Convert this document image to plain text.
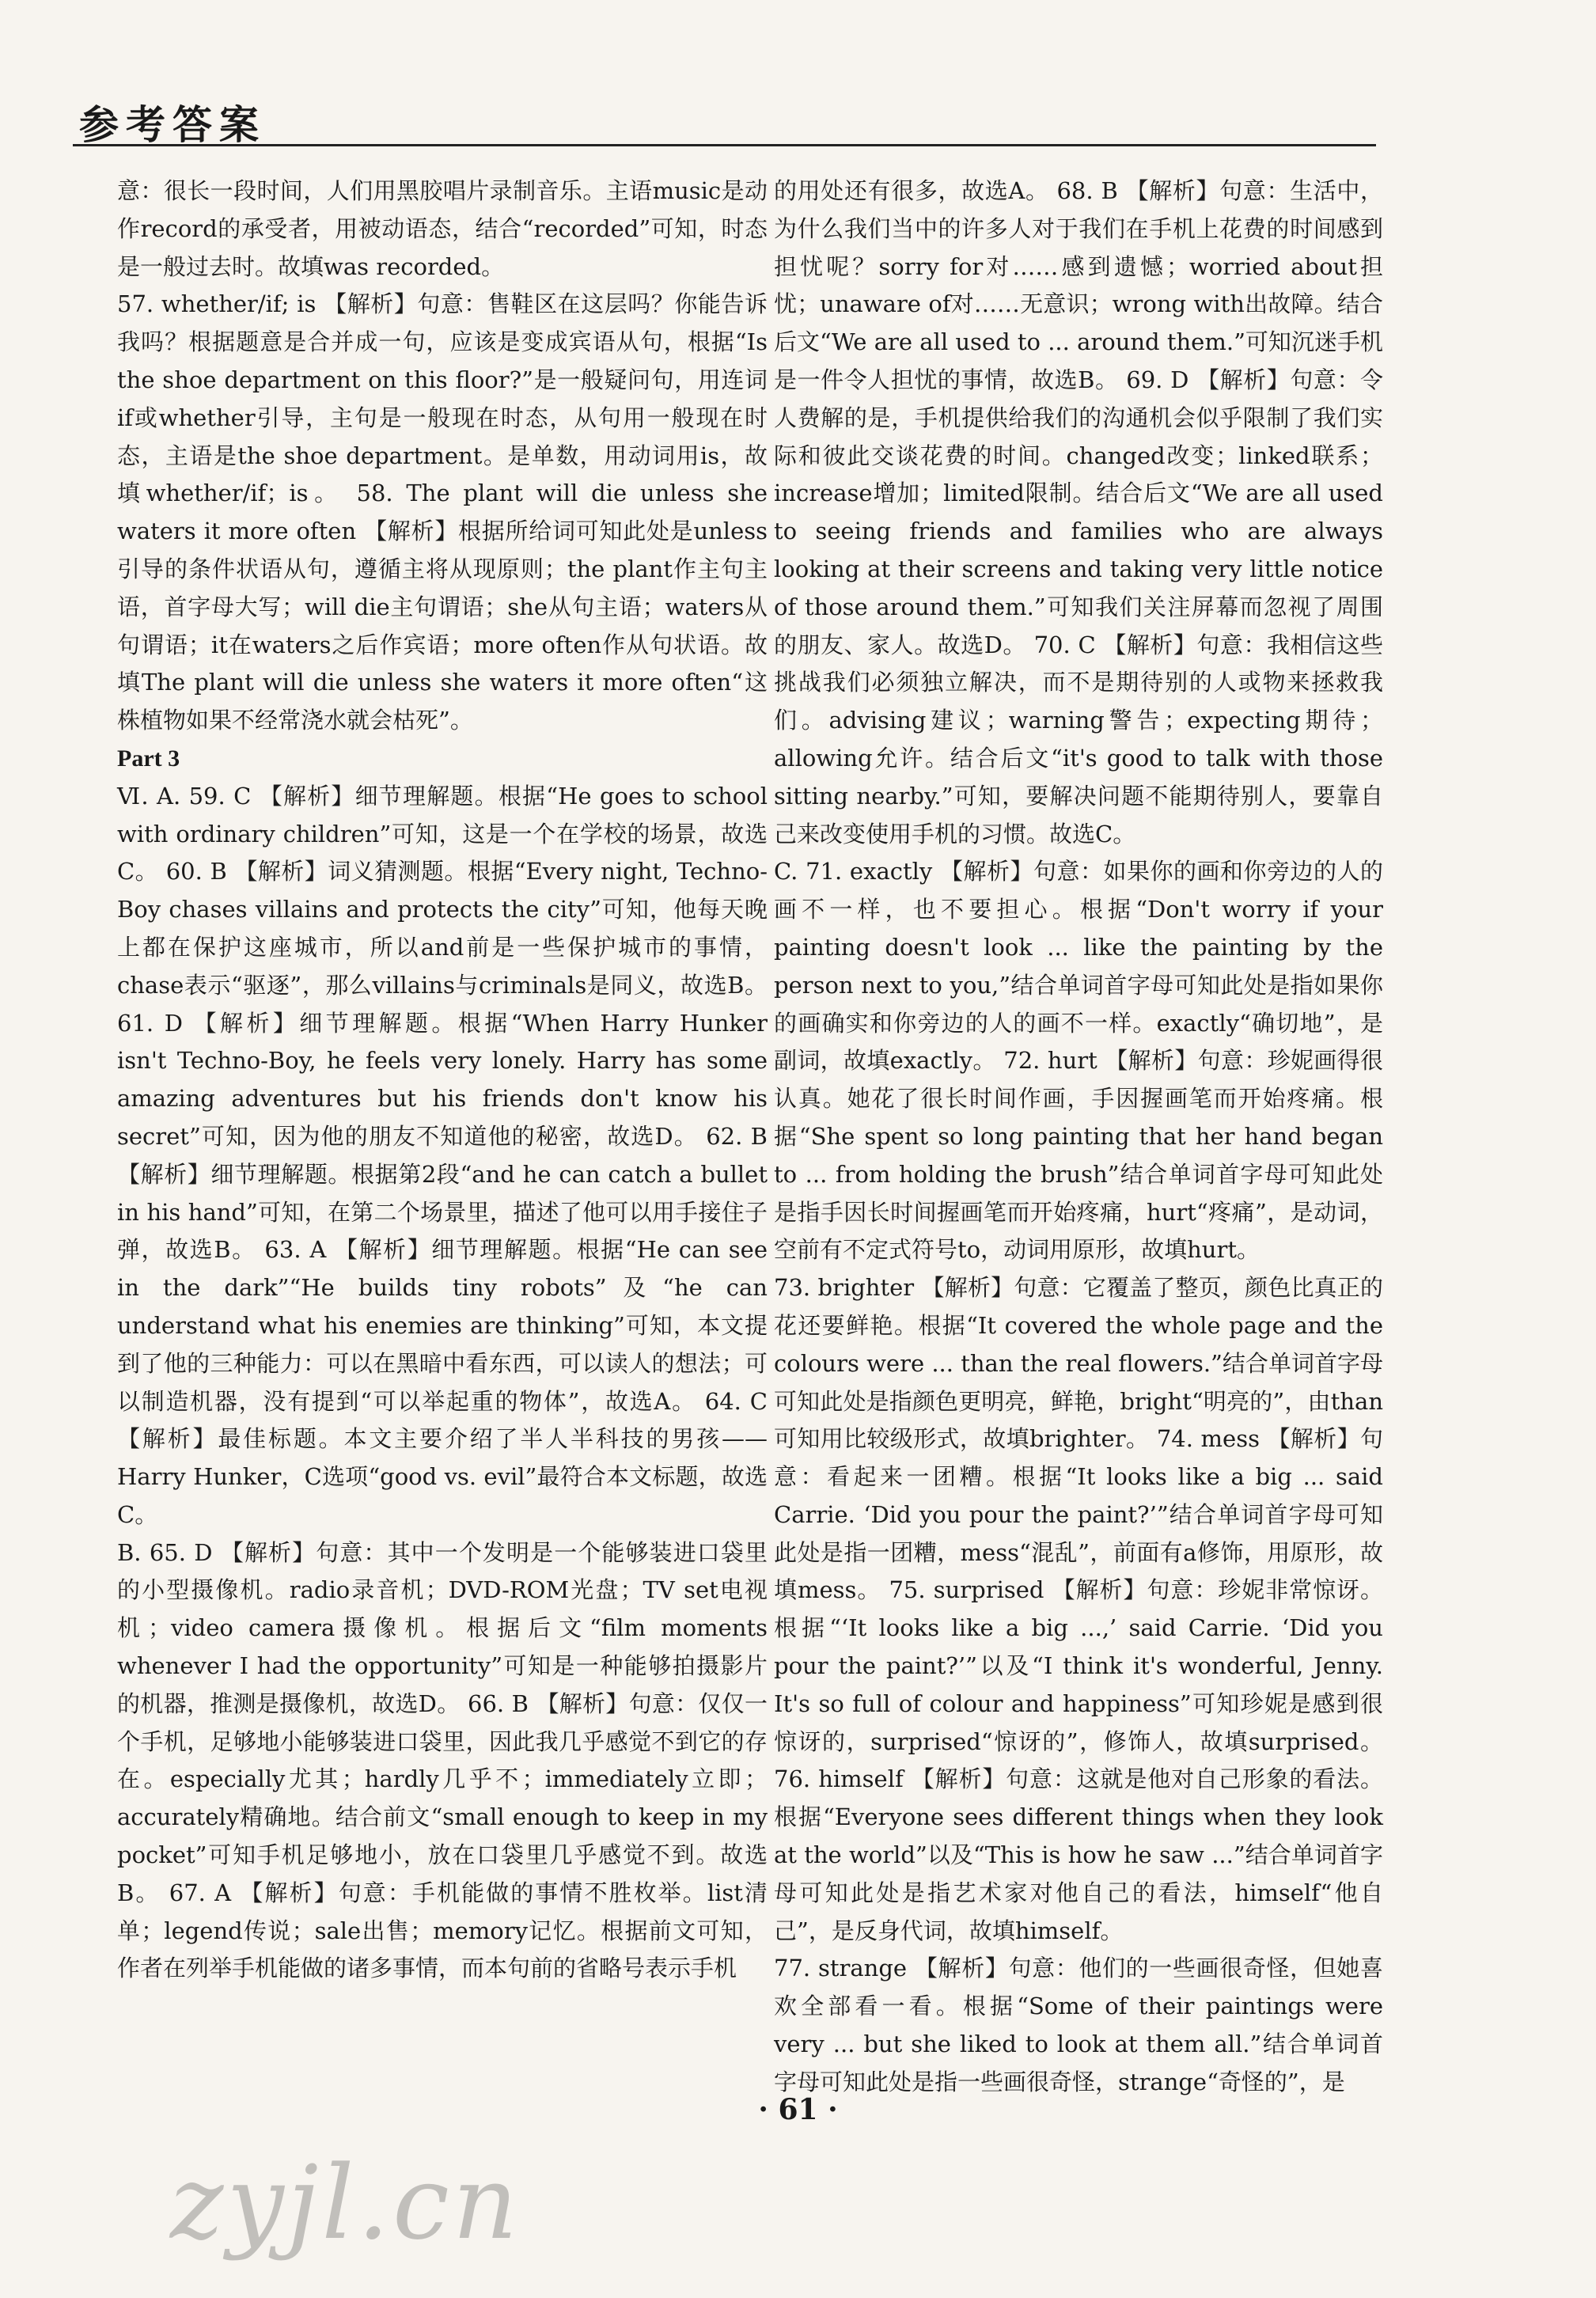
参考答案

意：很长一段时间，人们用黑胶唱片录制音乐。主语music是动作record的承受者，用被动语态，结合“recorded”可知，时态是一般过去时。故填was recorded。

57. whether/if; is 【解析】句意：售鞋区在这层吗？你能告诉我吗？根据题意是合并成一句，应该是变成宾语从句，根据“Is the shoe department on this floor?”是一般疑问句，用连词if或whether引导，主句是一般现在时态，从句用一般现在时态，主语是the shoe department。是单数，用动词用is，故填whether/if；is。 58. The plant will die unless she waters it more often 【解析】根据所给词可知此处是unless引导的条件状语从句，遵循主将从现原则；the plant作主句主语，首字母大写；will die主句谓语；she从句主语；waters从句谓语；it在waters之后作宾语；more often作从句状语。故填The plant will die unless she waters it more often“这株植物如果不经常浇水就会枯死”。

Part 3

Ⅵ. A. 59. C 【解析】细节理解题。根据“He goes to school with ordinary children”可知，这是一个在学校的场景，故选C。 60. B 【解析】词义猜测题。根据“Every night, Techno-Boy chases villains and protects the city”可知，他每天晚上都在保护这座城市，所以and前是一些保护城市的事情，chase表示“驱逐”，那么villains与criminals是同义，故选B。 61. D 【解析】细节理解题。根据“When Harry Hunker isn't Techno-Boy, he feels very lonely. Harry has some amazing adventures but his friends don't know his secret”可知，因为他的朋友不知道他的秘密，故选D。 62. B 【解析】细节理解题。根据第2段“and he can catch a bullet in his hand”可知，在第二个场景里，描述了他可以用手接住子弹，故选B。 63. A 【解析】细节理解题。根据“He can see in the dark”“He builds tiny robots”及“he can understand what his enemies are thinking”可知，本文提到了他的三种能力：可以在黑暗中看东西，可以读人的想法；可以制造机器，没有提到“可以举起重的物体”，故选A。 64. C 【解析】最佳标题。本文主要介绍了半人半科技的男孩——Harry Hunker，C选项“good vs. evil”最符合本文标题，故选C。

B. 65. D 【解析】句意：其中一个发明是一个能够装进口袋里的小型摄像机。radio录音机；DVD-ROM光盘；TV set电视机；video camera摄像机。根据后文“film moments whenever I had the opportunity”可知是一种能够拍摄影片的机器，推测是摄像机，故选D。 66. B 【解析】句意：仅仅一个手机，足够地小能够装进口袋里，因此我几乎感觉不到它的存在。especially尤其；hardly几乎不；immediately立即；accurately精确地。结合前文“small enough to keep in my pocket”可知手机足够地小，放在口袋里几乎感觉不到。故选B。 67. A 【解析】句意：手机能做的事情不胜枚举。list清单；legend传说；sale出售；memory记忆。根据前文可知，作者在列举手机能做的诸多事情，而本句前的省略号表示手机

的用处还有很多，故选A。 68. B 【解析】句意：生活中，为什么我们当中的许多人对于我们在手机上花费的时间感到担忧呢？sorry for对……感到遗憾；worried about担忧；unaware of对……无意识；wrong with出故障。结合后文“We are all used to ... around them.”可知沉迷手机是一件令人担忧的事情，故选B。 69. D 【解析】句意：令人费解的是，手机提供给我们的沟通机会似乎限制了我们实际和彼此交谈花费的时间。changed改变；linked联系；increase增加；limited限制。结合后文“We are all used to seeing friends and families who are always looking at their screens and taking very little notice of those around them.”可知我们关注屏幕而忽视了周围的朋友、家人。故选D。 70. C 【解析】句意：我相信这些挑战我们必须独立解决，而不是期待别的人或物来拯救我们。advising建议；warning警告；expecting期待；allowing允许。结合后文“it's good to talk with those sitting nearby.”可知，要解决问题不能期待别人，要靠自己来改变使用手机的习惯。故选C。

C. 71. exactly 【解析】句意：如果你的画和你旁边的人的画不一样，也不要担心。根据“Don't worry if your painting doesn't look ... like the painting by the person next to you,”结合单词首字母可知此处是指如果你的画确实和你旁边的人的画不一样。exactly“确切地”，是副词，故填exactly。 72. hurt 【解析】句意：珍妮画得很认真。她花了很长时间作画，手因握画笔而开始疼痛。根据“She spent so long painting that her hand began to ... from holding the brush”结合单词首字母可知此处是指手因长时间握画笔而开始疼痛，hurt“疼痛”，是动词，空前有不定式符号to，动词用原形，故填hurt。

73. brighter 【解析】句意：它覆盖了整页，颜色比真正的花还要鲜艳。根据“It covered the whole page and the colours were ... than the real flowers.”结合单词首字母可知此处是指颜色更明亮，鲜艳，bright“明亮的”，由than可知用比较级形式，故填brighter。 74. mess 【解析】句意：看起来一团糟。根据“It looks like a big ... said Carrie. ‘Did you pour the paint?’”结合单词首字母可知此处是指一团糟，mess“混乱”，前面有a修饰，用原形，故填mess。 75. surprised 【解析】句意：珍妮非常惊讶。根据“‘It looks like a big ...,’ said Carrie. ‘Did you pour the paint?’”以及“I think it's wonderful, Jenny. It's so full of colour and happiness”可知珍妮是感到很惊讶的，surprised“惊讶的”，修饰人，故填surprised。 76. himself 【解析】句意：这就是他对自己形象的看法。根据“Everyone sees different things when they look at the world”以及“This is how he saw ...”结合单词首字母可知此处是指艺术家对他自己的看法，himself“他自己”，是反身代词，故填himself。

77. strange 【解析】句意：他们的一些画很奇怪，但她喜欢全部看一看。根据“Some of their paintings were very ... but she liked to look at them all.”结合单词首字母可知此处是指一些画很奇怪，strange“奇怪的”，是

· 61 ·
zyjl.cn
